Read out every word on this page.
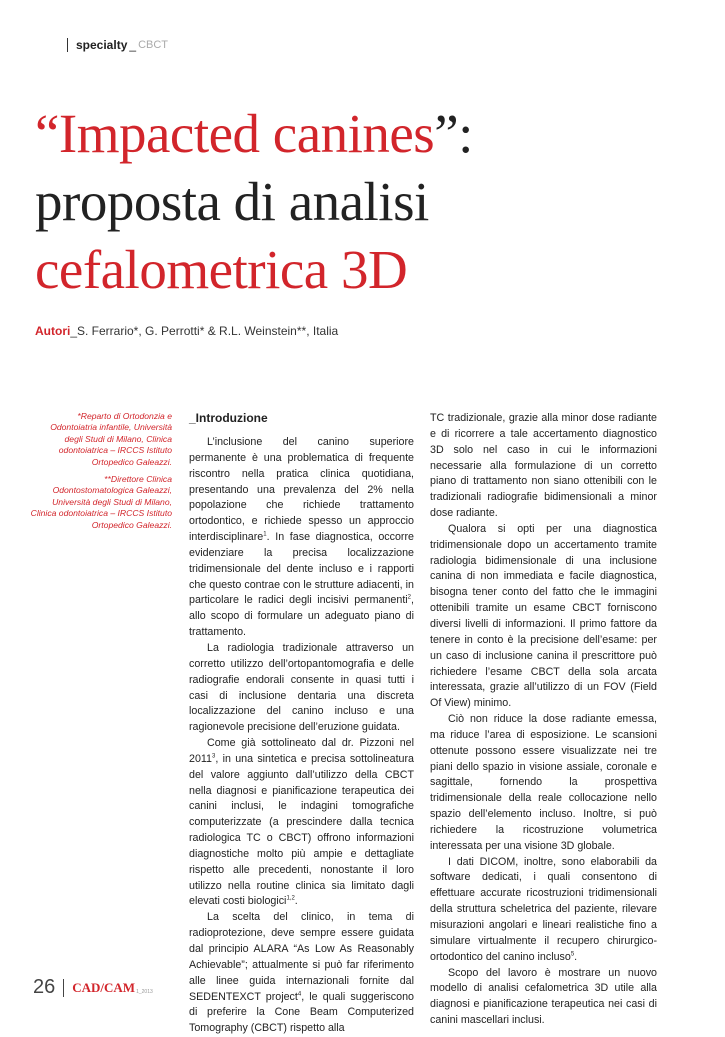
specialty _ CBCT
“Impacted canines”:
proposta di analisi
cefalometrica 3D
Autori_S. Ferrario*, G. Perrotti* & R.L. Weinstein**, Italia

*Reparto di Ortodonzia e Odontoiatria infantile, Università degli Studi di Milano, Clinica odontoiatrica – IRCCS Istituto Ortopedico Galeazzi.

**Direttore Clinica Odontostomatologica Galeazzi, Università degli Studi di Milano, Clinica odontoiatrica – IRCCS Istituto Ortopedico Galeazzi.

_Introduzione

L’inclusione del canino superiore permanente è una problematica di frequente riscontro nella pratica clinica quotidiana, presentando una prevalenza del 2% nella popolazione che richiede trattamento ortodontico, e richiede spesso un approccio interdisciplinare$^1$. In fase diagnostica, occorre evidenziare la precisa localizzazione tridimensionale del dente incluso e i rapporti che questo contrae con le strutture adiacenti, in particolare le radici degli incisivi permanenti$^2$, allo scopo di formulare un adeguato piano di trattamento.

La radiologia tradizionale attraverso un corretto utilizzo dell’ortopantomografia e delle radiografie endorali consente in quasi tutti i casi di inclusione dentaria una discreta localizzazione del canino incluso e una ragionevole precisione dell’eruzione guidata.

Come già sottolineato dal dr. Pizzoni nel 2011$^3$, in una sintetica e precisa sottolineatura del valore aggiunto dall’utilizzo della CBCT nella diagnosi e pianificazione terapeutica dei canini inclusi, le indagini tomografiche computerizzate (a prescindere dalla tecnica radiologica TC o CBCT) offrono informazioni diagnostiche molto più ampie e dettagliate rispetto alle precedenti, nonostante il loro utilizzo nella routine clinica sia limitato dagli elevati costi biologici$^{1,2}$.

La scelta del clinico, in tema di radioprotezione, deve sempre essere guidata dal principio ALARA “As Low As Reasonably Achievable”; attualmente si può far riferimento alle linee guida internazionali fornite dal SEDENTEXCT project$^4$, le quali suggeriscono di preferire la Cone Beam Computerized Tomography (CBCT) rispetto alla

TC tradizionale, grazie alla minor dose radiante e di ricorrere a tale accertamento diagnostico 3D solo nel caso in cui le informazioni necessarie alla formulazione di un corretto piano di trattamento non siano ottenibili con le tradizionali radiografie bidimensionali a minor dose radiante.

Qualora si opti per una diagnostica tridimensionale dopo un accertamento tramite radiologia bidimensionale di una inclusione canina di non immediata e facile diagnostica, bisogna tener conto del fatto che le immagini ottenibili tramite un esame CBCT forniscono diversi livelli di informazioni. Il primo fattore da tenere in conto è la precisione dell’esame: per un caso di inclusione canina il prescrittore può richiedere l’esame CBCT della sola arcata interessata, grazie all’utilizzo di un FOV (Field Of View) minimo.

Ciò non riduce la dose radiante emessa, ma riduce l’area di esposizione. Le scansioni ottenute possono essere visualizzate nei tre piani dello spazio in visione assiale, coronale e sagittale, fornendo la prospettiva tridimensionale della reale collocazione nello spazio dell’elemento incluso. Inoltre, si può richiedere la ricostruzione volumetrica interessata per una visione 3D globale.

I dati DICOM, inoltre, sono elaborabili da software dedicati, i quali consentono di effettuare accurate ricostruzioni tridimensionali della struttura scheletrica del paziente, rilevare misurazioni angolari e lineari realistiche fino a simulare virtualmente il recupero chirurgico-ortodontico del canino incluso$^5$.

Scopo del lavoro è mostrare un nuovo modello di analisi cefalometrica 3D utile alla diagnosi e pianificazione terapeutica nei casi di canini mascellari inclusi.

26 CAD/CAM 1_2013
